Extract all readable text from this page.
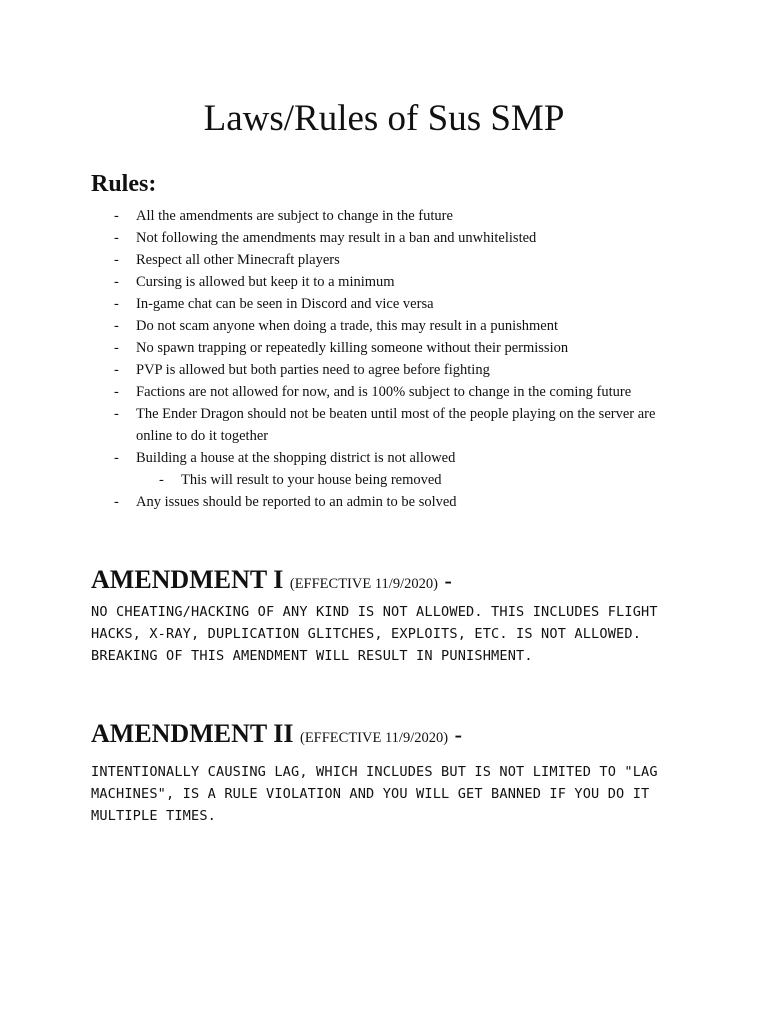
Laws/Rules of Sus SMP
Rules:
- All the amendments are subject to change in the future
- Not following the amendments may result in a ban and unwhitelisted
- Respect all other Minecraft players
- Cursing is allowed but keep it to a minimum
- In-game chat can be seen in Discord and vice versa
- Do not scam anyone when doing a trade, this may result in a punishment
- No spawn trapping or repeatedly killing someone without their permission
- PVP is allowed but both parties need to agree before fighting
- Factions are not allowed for now, and is 100% subject to change in the coming future
- The Ender Dragon should not be beaten until most of the people playing on the server are online to do it together
- Building a house at the shopping district is not allowed
- This will result to your house being removed
- Any issues should be reported to an admin to be solved
AMENDMENT I (EFFECTIVE 11/9/2020) -

NO CHEATING/HACKING OF ANY KIND IS NOT ALLOWED. THIS INCLUDES FLIGHT HACKS, X-RAY, DUPLICATION GLITCHES, EXPLOITS, ETC. IS NOT ALLOWED. BREAKING OF THIS AMENDMENT WILL RESULT IN PUNISHMENT.

AMENDMENT II (EFFECTIVE 11/9/2020) -

INTENTIONALLY CAUSING LAG, WHICH INCLUDES BUT IS NOT LIMITED TO "LAG MACHINES", IS A RULE VIOLATION AND YOU WILL GET BANNED IF YOU DO IT MULTIPLE TIMES.
